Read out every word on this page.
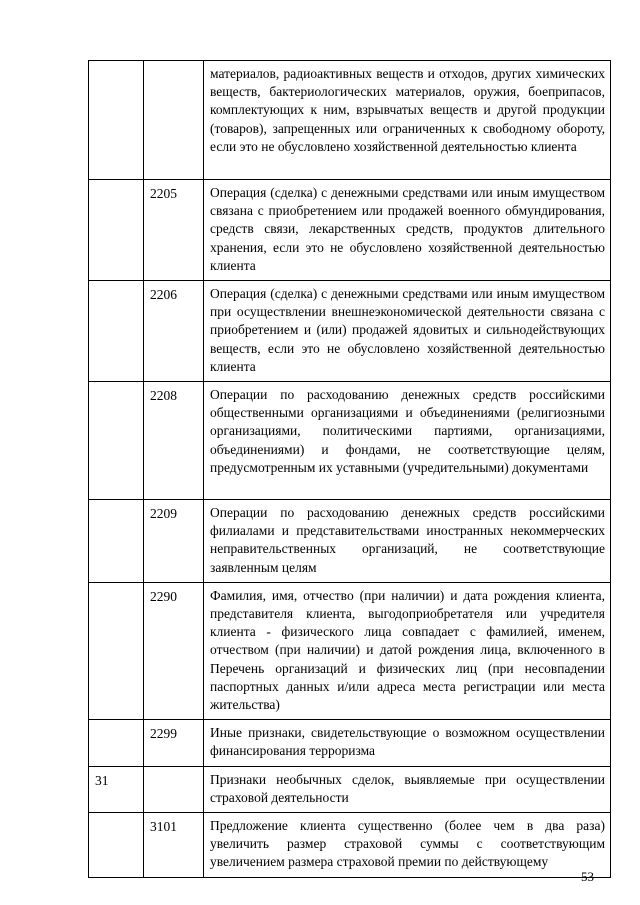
		материалов, радиоактивных веществ и отходов, других химических веществ, бактериологических материалов, оружия, боеприпасов, комплектующих к ним, взрывчатых веществ и другой продукции (товаров), запрещенных или ограниченных к свободному обороту, если это не обусловлено хозяйственной деятельностью клиента
	2205	Операция (сделка) с денежными средствами или иным имуществом связана с приобретением или продажей военного обмундирования, средств связи, лекарственных средств, продуктов длительного хранения, если это не обусловлено хозяйственной деятельностью клиента
	2206	Операция (сделка) с денежными средствами или иным имуществом при осуществлении внешнеэкономической деятельности связана с приобретением и (или) продажей ядовитых и сильнодействующих веществ, если это не обусловлено хозяйственной деятельностью клиента
	2208	Операции по расходованию денежных средств российскими общественными организациями и объединениями (религиозными организациями, политическими партиями, организациями, объединениями) и фондами, не соответствующие целям, предусмотренным их уставными (учредительными) документами
	2209	Операции по расходованию денежных средств российскими филиалами и представительствами иностранных некоммерческих неправительственных организаций, не соответствующие заявленным целям
	2290	Фамилия, имя, отчество (при наличии) и дата рождения клиента, представителя клиента, выгодоприобретателя или учредителя клиента - физического лица совпадает с фамилией, именем, отчеством (при наличии) и датой рождения лица, включенного в Перечень организаций и физических лиц (при несовпадении паспортных данных и/или адреса места регистрации или места жительства)
	2299	Иные признаки, свидетельствующие о возможном осуществлении финансирования терроризма
31		Признаки необычных сделок, выявляемые при осуществлении страховой деятельности
	3101	Предложение клиента существенно (более чем в два раза) увеличить размер страховой суммы с соответствующим увеличением размера страховой премии по действующему
53
